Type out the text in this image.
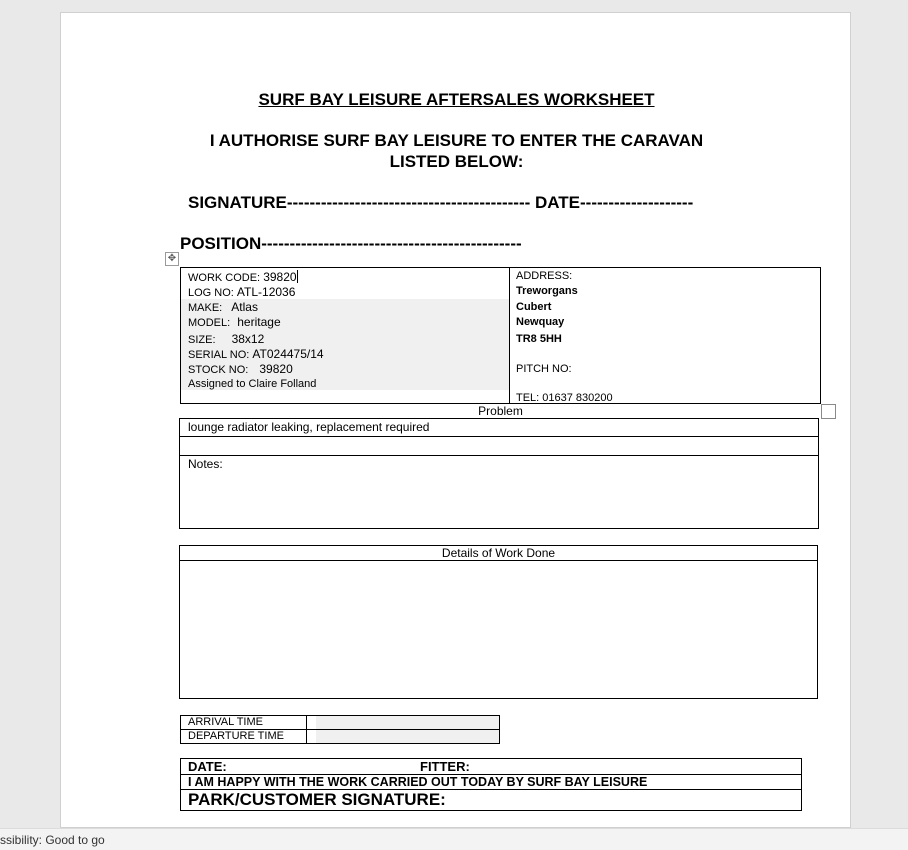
SURF BAY LEISURE AFTERSALES WORKSHEET
I AUTHORISE SURF BAY LEISURE TO ENTER THE CARAVAN
LISTED BELOW:
SIGNATURE------------------------------------------- DATE--------------------
POSITION----------------------------------------------
✥
WORK CODE: 39820
LOG NO: ATL-12036
MAKE: Atlas
MODEL: heritage
SIZE: 38x12
SERIAL NO: AT024475/14
STOCK NO: 39820
Assigned to Claire Folland
ADDRESS:
Treworgans
Cubert
Newquay
TR8 5HH
PITCH NO:
TEL: 01637 830200
Problem
lounge radiator leaking, replacement required
Notes:
Details of Work Done
ARRIVAL TIME
DEPARTURE TIME
DATE:	FITTER:
I AM HAPPY WITH THE WORK CARRIED OUT TODAY BY SURF BAY LEISURE
PARK/CUSTOMER SIGNATURE:
ssibility: Good to go
